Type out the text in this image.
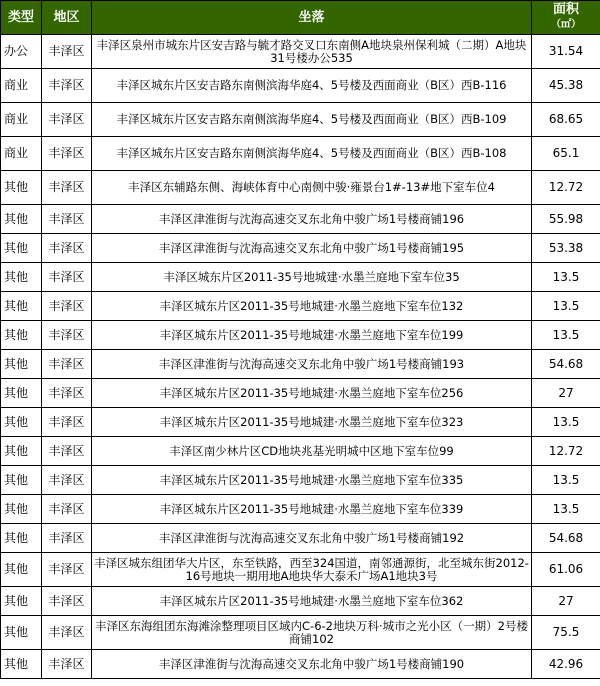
类型	地区	坐落	面积
（㎡）
办公	丰泽区	丰泽区泉州市城东片区安吉路与毓才路交叉口东南侧A地块泉州保利城（二期）A地块31号楼办公535	31.54
商业	丰泽区	丰泽区城东片区安吉路东南侧滨海华庭4、5号楼及西面商业（B区）西B-116	45.38
商业	丰泽区	丰泽区城东片区安吉路东南侧滨海华庭4、5号楼及西面商业（B区）西B-109	68.65
商业	丰泽区	丰泽区城东片区安吉路东南侧滨海华庭4、5号楼及西面商业（B区）西B-108	65.1
其他	丰泽区	丰泽区东辅路东侧、海峡体育中心南侧中骏·雍景台1#-13#地下室车位4	12.72
其他	丰泽区	丰泽区津淮街与沈海高速交叉东北角中骏广场1号楼商铺196	55.98
其他	丰泽区	丰泽区津淮街与沈海高速交叉东北角中骏广场1号楼商铺195	53.38
其他	丰泽区	丰泽区城东片区2011-35号地城建·水墨兰庭地下室车位35	13.5
其他	丰泽区	丰泽区城东片区2011-35号地城建·水墨兰庭地下室车位132	13.5
其他	丰泽区	丰泽区城东片区2011-35号地城建·水墨兰庭地下室车位199	13.5
其他	丰泽区	丰泽区津淮街与沈海高速交叉东北角中骏广场1号楼商铺193	54.68
其他	丰泽区	丰泽区城东片区2011-35号地城建·水墨兰庭地下室车位256	27
其他	丰泽区	丰泽区城东片区2011-35号地城建·水墨兰庭地下室车位323	13.5
其他	丰泽区	丰泽区南少林片区CD地块兆基光明城中区地下室车位99	12.72
其他	丰泽区	丰泽区城东片区2011-35号地城建·水墨兰庭地下室车位335	13.5
其他	丰泽区	丰泽区城东片区2011-35号地城建·水墨兰庭地下室车位339	13.5
其他	丰泽区	丰泽区津淮街与沈海高速交叉东北角中骏广场1号楼商铺192	54.68
其他	丰泽区	丰泽区城东组团华大片区，东至铁路，西至324国道，南邻通源街，北至城东街2012-16号地块一期用地A地块华大泰禾广场A1地块3号	61.06
其他	丰泽区	丰泽区城东片区2011-35号地城建·水墨兰庭地下室车位362	27
其他	丰泽区	丰泽区东海组团东海滩涂整理项目区域内C-6-2地块万科·城市之光小区（一期）2号楼商铺102	75.5
其他	丰泽区	丰泽区津淮街与沈海高速交叉东北角中骏广场1号楼商铺190	42.96
